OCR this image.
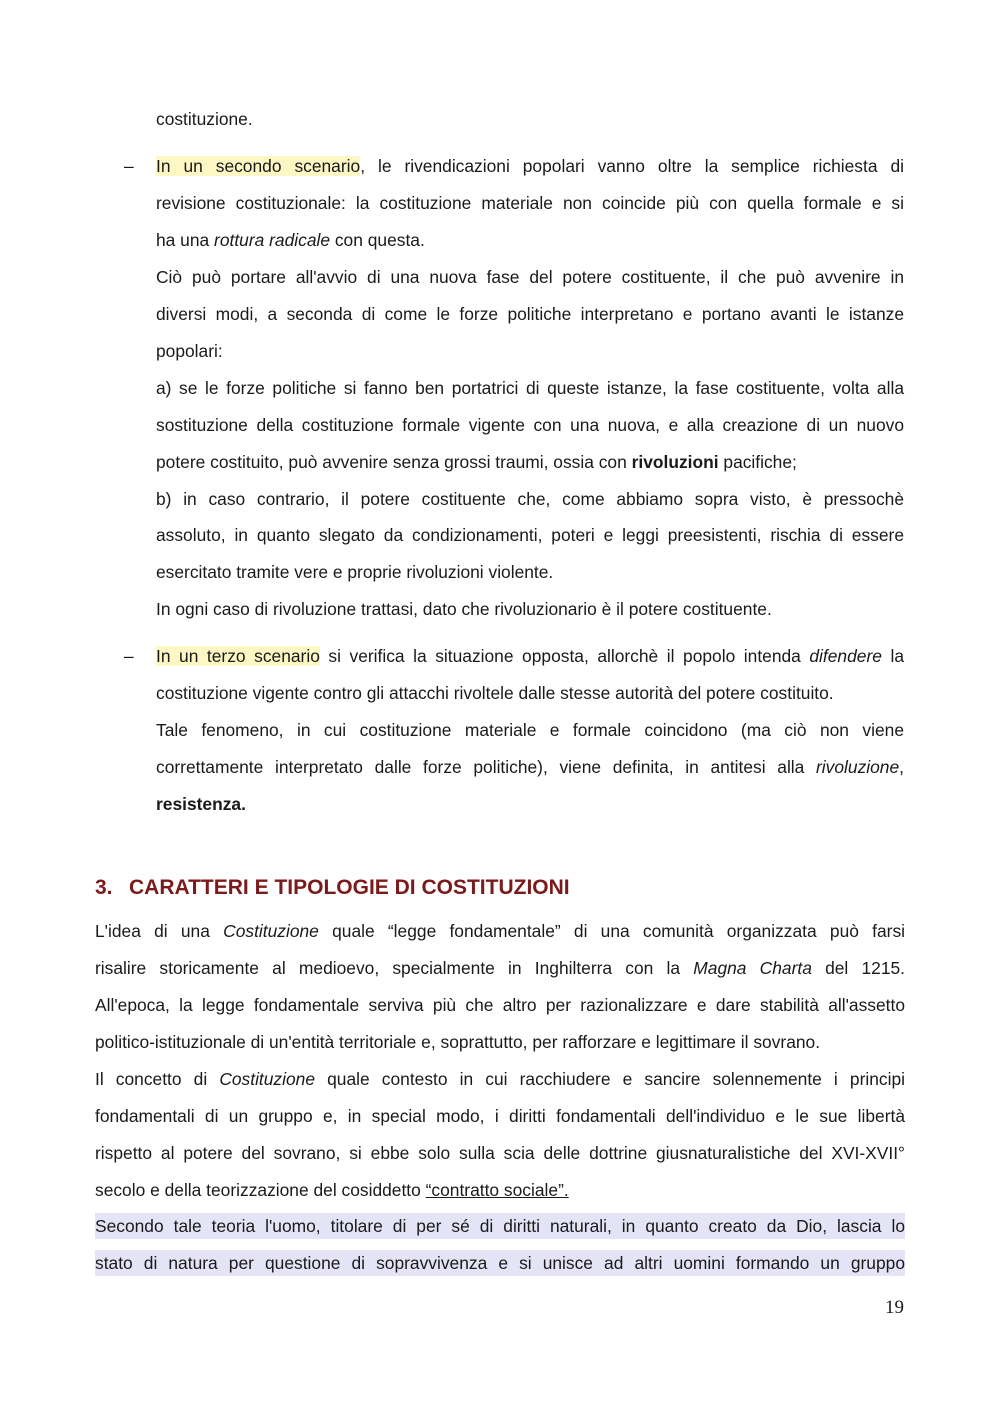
costituzione.
– In un secondo scenario, le rivendicazioni popolari vanno oltre la semplice richiesta di
revisione costituzionale: la costituzione materiale non coincide più con quella formale e si
ha una rottura radicale con questa.
Ciò può portare all'avvio di una nuova fase del potere costituente, il che può avvenire in
diversi modi, a seconda di come le forze politiche interpretano e portano avanti le istanze
popolari:
a) se le forze politiche si fanno ben portatrici di queste istanze, la fase costituente, volta alla
sostituzione della costituzione formale vigente con una nuova, e alla creazione di un nuovo
potere costituito, può avvenire senza grossi traumi, ossia con rivoluzioni pacifiche;
b) in caso contrario, il potere costituente che, come abbiamo sopra visto, è pressochè
assoluto, in quanto slegato da condizionamenti, poteri e leggi preesistenti, rischia di essere
esercitato tramite vere e proprie rivoluzioni violente.
In ogni caso di rivoluzione trattasi, dato che rivoluzionario è il potere costituente.
– In un terzo scenario si verifica la situazione opposta, allorchè il popolo intenda difendere la
costituzione vigente contro gli attacchi rivoltele dalle stesse autorità del potere costituito.
Tale fenomeno, in cui costituzione materiale e formale coincidono (ma ciò non viene
correttamente interpretato dalle forze politiche), viene definita, in antitesi alla rivoluzione,
resistenza.
3. CARATTERI E TIPOLOGIE DI COSTITUZIONI
L'idea di una Costituzione quale “legge fondamentale” di una comunità organizzata può farsi
risalire storicamente al medioevo, specialmente in Inghilterra con la Magna Charta del 1215.
All'epoca, la legge fondamentale serviva più che altro per razionalizzare e dare stabilità all'assetto
politico-istituzionale di un'entità territoriale e, soprattutto, per rafforzare e legittimare il sovrano.
Il concetto di Costituzione quale contesto in cui racchiudere e sancire solennemente i principi
fondamentali di un gruppo e, in special modo, i diritti fondamentali dell'individuo e le sue libertà
rispetto al potere del sovrano, si ebbe solo sulla scia delle dottrine giusnaturalistiche del XVI-XVII°
secolo e della teorizzazione del cosiddetto “contratto sociale”.
Secondo tale teoria l'uomo, titolare di per sé di diritti naturali, in quanto creato da Dio, lascia lo
stato di natura per questione di sopravvivenza e si unisce ad altri uomini formando un gruppo
19
